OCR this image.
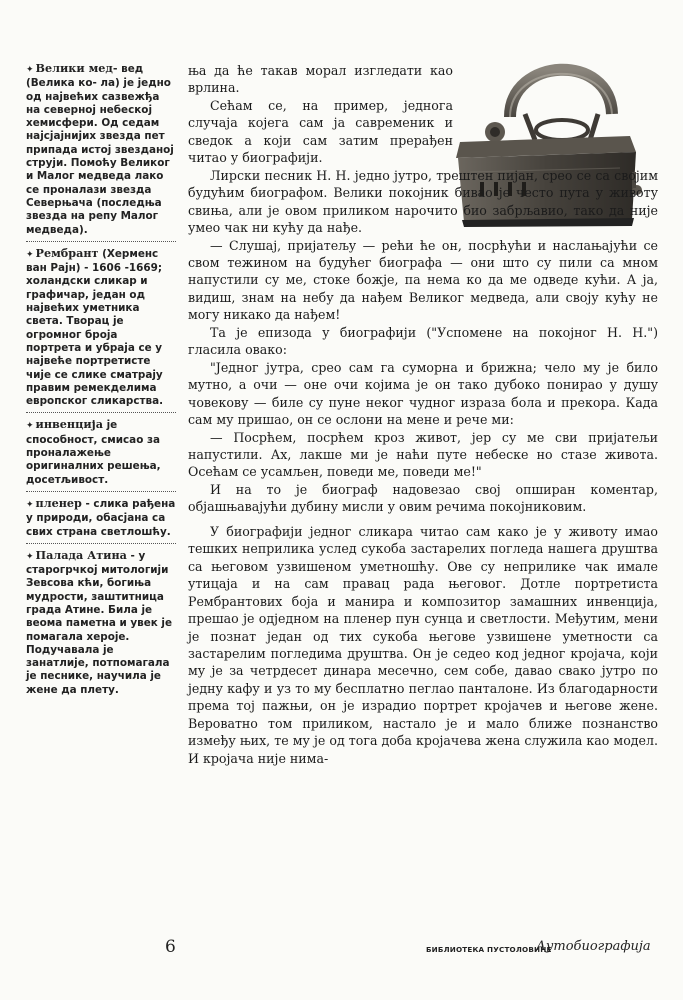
✦ Велики мед- вед (Велика ко- ла) је једно од највећих сазвежђа на северној небеској хемисфери. Од седам најсјајнијих звезда пет припада истој звезданој струји. Помоћу Великог и Малог медведа лако се проналази звезда Северњача (последња звезда на репу Малог медведа).
✦ Рембрант (Херменс ван Рајн) - 1606 -1669; холандски сликар и графичар, један од највећих уметника света. Творац је огромног броја портрета и убраја се у највеће портретисте чије се слике сматрају правим ремекделима европског сликарства.
✦ инвенција је способност, смисао за проналажење оригиналних решења, досетљивост.
✦ пленер - слика рађена у природи, обасјана са свих страна светлошћу.
✦ Палада Атина - у старогрчкој митологији Зевсова кћи, богиња мудрости, заштитница града Атине. Била је веома паметна и увек је помагала херoје. Подучавала је занатлије, потпомагала је песнике, научила је жене да плету.

ња да ће такав морал изгледати као врлина.

Сећам се, на пример, једнога случаја којега сам ја савременик и сведок а који сам затим прерађен читао у биографији.

Лирски песник Н. Н. једно јутро, трештен пијан, срео се са својим будућим биографом. Велики покојник бивао је често пута у животу свиња, али је овом приликом нарочито био забрљавио, тако да није умео чак ни кућу да нађе.

— Слушај, пријатељу — рећи ће он, посрћући и наслањајући се свом тежином на будућег биографа — они што су пили са мном напустили су ме, стоке божје, па нема ко да ме одведе кући. А ја, видиш, знам на небу да нађем Великог медведа, али своју кућу не могу никако да нађем!

Та је епизода у биографији ("Успомене на покојног Н. Н.") гласила овако:

"Једног јутра, срео сам га суморна и брижна; чело му је било мутно, а очи — оне очи којима је он тако дубоко понирао у душу човекову — биле су пуне неког чудног израза бола и прекора. Када сам му пришао, он се ослони на мене и рече ми:

— Посрћем, посрћем кроз живот, јер су ме сви пријатељи напустили. Ах, лакше ми је наћи путе небеске но стазе живота. Осећам се усамљен, поведи ме, поведи ме!"

И на то је биограф надовезао свој опширан коментар, објашњавајући дубину мисли у овим речима покојниковим.

У биографији једног сликара читао сам како је у животу имао тешких неприлика услед сукоба застарелих погледа нашега друштва са његовом узвишеном уметношћу. Ове су неприлике чак имале утицаја и на сам правац рада његовог. Дотле портретиста Рембрантових боја и манира и композитор замашних инвенција, прешао је одједном на пленер пун сунца и светлости. Међутим, мени је познат један од тих сукоба његове узвишене уметности са застарелим погледима друштва. Он је седео код једног кројача, који му је за четрдесет динара месечно, сем собе, давао свако јутро по једну кафу и уз то му бесплатно пеглао панталоне. Из благодарности према тој пажњи, он је израдио портрет кројачев и његове жене. Вероватно том приликом, настало је и мало ближе познанство између њих, те му је од тога доба кројачева жена служила као модел. И кројача није нима-

6	БИБЛИОТЕКА ПУСТОЛОВИНЕ
Аутобиографија
